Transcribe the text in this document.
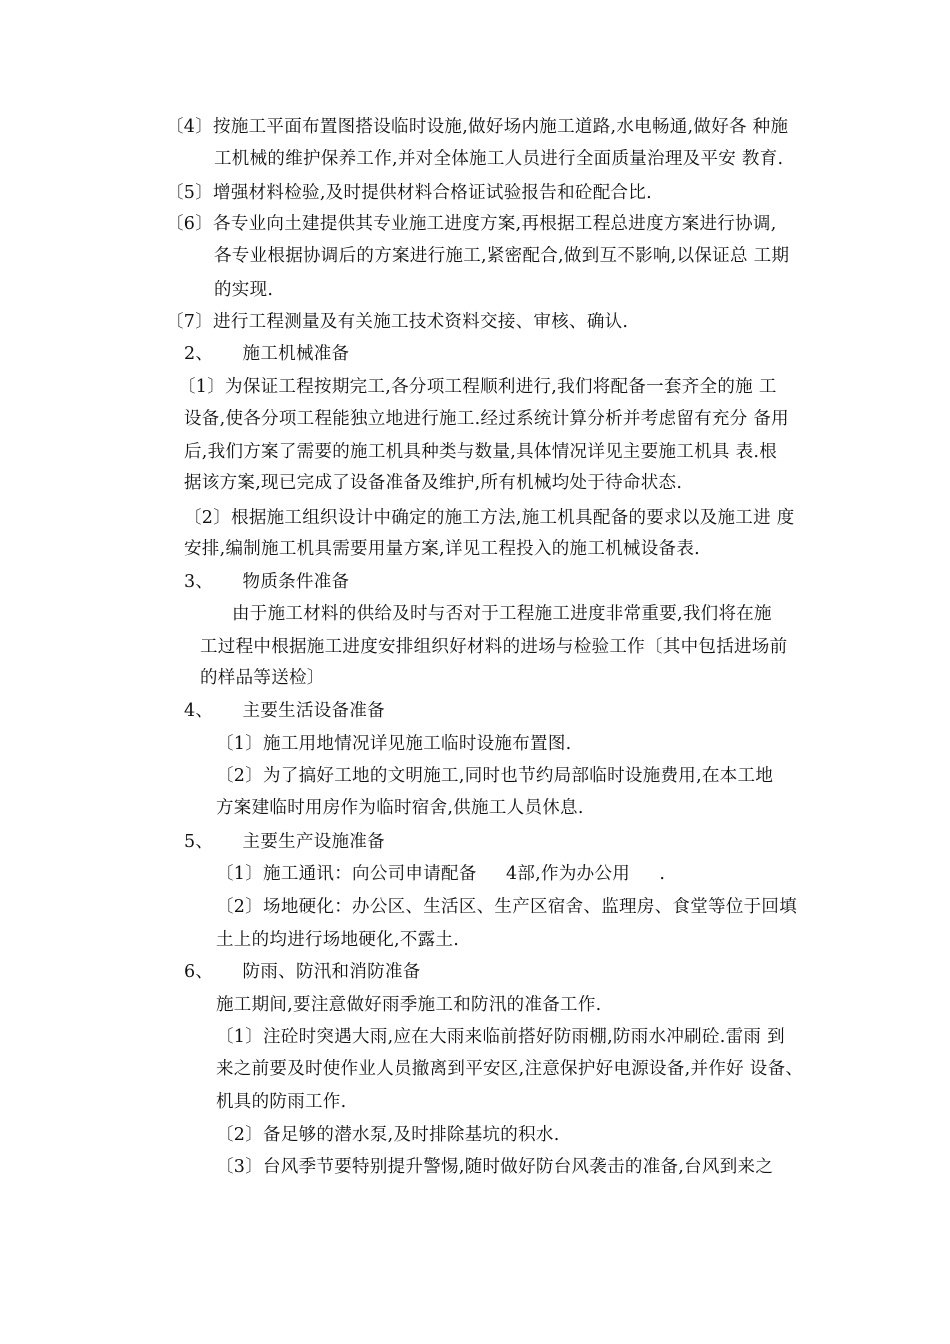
〔4〕按施工平面布置图搭设临时设施,做好场内施工道路,水电畅通,做好各 种施
工机械的维护保养工作,并对全体施工人员进行全面质量治理及平安 教育.
〔5〕增强材料检验,及时提供材料合格证试验报告和砼配合比.
〔6〕各专业向土建提供其专业施工进度方案,再根据工程总进度方案进行协调,
各专业根据协调后的方案进行施工,紧密配合,做到互不影响,以保证总 工期
的实现.
〔7〕进行工程测量及有关施工技术资料交接、审核、确认.
2、     施工机械准备
〔1〕为保证工程按期完工,各分项工程顺利进行,我们将配备一套齐全的施 工
设备,使各分项工程能独立地进行施工.经过系统计算分析并考虑留有充分 备用
后,我们方案了需要的施工机具种类与数量,具体情况详见主要施工机具 表.根
据该方案,现已完成了设备准备及维护,所有机械均处于待命状态.
〔2〕根据施工组织设计中确定的施工方法,施工机具配备的要求以及施工进 度
安排,编制施工机具需要用量方案,详见工程投入的施工机械设备表.
3、     物质条件准备
由于施工材料的供给及时与否对于工程施工进度非常重要,我们将在施
工过程中根据施工进度安排组织好材料的进场与检验工作〔其中包括进场前
的样品等送检〕
4、     主要生活设备准备
〔1〕施工用地情况详见施工临时设施布置图.
〔2〕为了搞好工地的文明施工,同时也节约局部临时设施费用,在本工地
方案建临时用房作为临时宿舍,供施工人员休息.
5、     主要生产设施准备
〔1〕施工通讯：向公司申请配备     4部,作为办公用     .
〔2〕场地硬化：办公区、生活区、生产区宿舍、监理房、食堂等位于回填
土上的均进行场地硬化,不露土.
6、     防雨、防汛和消防准备
施工期间,要注意做好雨季施工和防汛的准备工作.
〔1〕注砼时突遇大雨,应在大雨来临前搭好防雨棚,防雨水冲刷砼.雷雨 到
来之前要及时使作业人员撤离到平安区,注意保护好电源设备,并作好 设备、
机具的防雨工作.
〔2〕备足够的潜水泵,及时排除基坑的积水.
〔3〕台风季节要特别提升警惕,随时做好防台风袭击的准备,台风到来之
